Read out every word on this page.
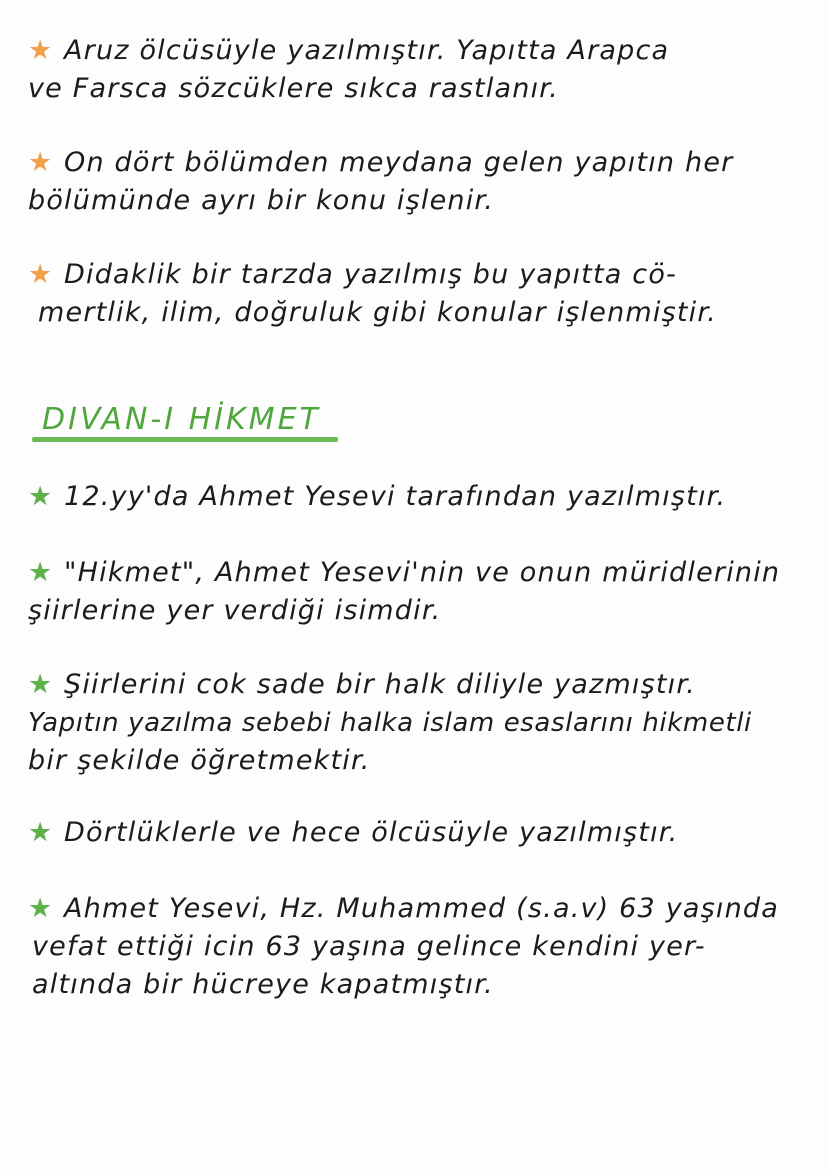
★ Aruz ölcüsüyle yazılmıştır. Yapıtta Arapca
ve Farsca sözcüklere sıkca rastlanır.
★ On dört bölümden meydana gelen yapıtın her
bölümünde ayrı bir konu işlenir.
★ Didaklik bir tarzda yazılmış bu yapıtta cö-
mertlik, ilim, doğruluk gibi konular işlenmiştir.
DIVAN-I HİKMET
★ 12.yy'da Ahmet Yesevi tarafından yazılmıştır.
★ "Hikmet", Ahmet Yesevi'nin ve onun müridlerinin
şiirlerine yer verdiği isimdir.
★ Şiirlerini cok sade bir halk diliyle yazmıştır.
Yapıtın yazılma sebebi halka islam esaslarını hikmetli
bir şekilde öğretmektir.
★ Dörtlüklerle ve hece ölcüsüyle yazılmıştır.
★ Ahmet Yesevi, Hz. Muhammed (s.a.v) 63 yaşında
vefat ettiği icin 63 yaşına gelince kendini yer-
altında bir hücreye kapatmıştır.
